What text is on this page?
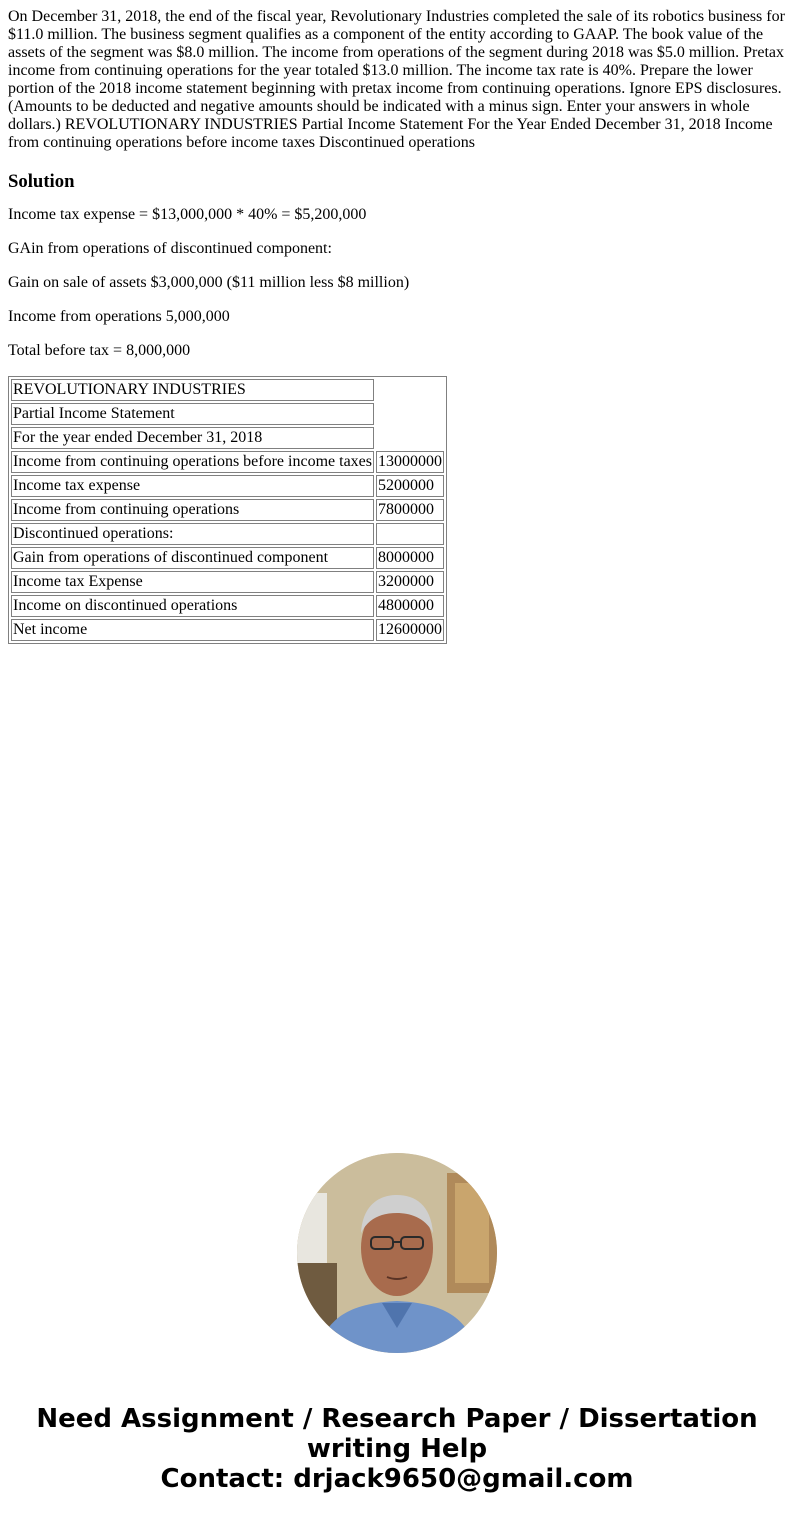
On December 31, 2018, the end of the fiscal year, Revolutionary Industries completed the sale of its robotics business for $11.0 million. The business segment qualifies as a component of the entity according to GAAP. The book value of the assets of the segment was $8.0 million. The income from operations of the segment during 2018 was $5.0 million. Pretax income from continuing operations for the year totaled $13.0 million. The income tax rate is 40%. Prepare the lower portion of the 2018 income statement beginning with pretax income from continuing operations. Ignore EPS disclosures. (Amounts to be deducted and negative amounts should be indicated with a minus sign. Enter your answers in whole dollars.) REVOLUTIONARY INDUSTRIES Partial Income Statement For the Year Ended December 31, 2018 Income from continuing operations before income taxes Discontinued operations

Solution

Income tax expense = $13,000,000 * 40% = $5,200,000

GAin from operations of discontinued component:

Gain on sale of assets $3,000,000 ($11 million less $8 million)

Income from operations 5,000,000

Total before tax = 8,000,000

REVOLUTIONARY INDUSTRIES	
Partial Income Statement	
For the year ended December 31, 2018	
Income from continuing operations before income taxes	13000000
Income tax expense	5200000
Income from continuing operations	7800000
Discontinued operations:	
Gain from operations of discontinued component	8000000
Income tax Expense	3200000
Income on discontinued operations	4800000
Net income	12600000
Need Assignment / Research Paper / Dissertation
writing Help
Contact: drjack9650@gmail.com
